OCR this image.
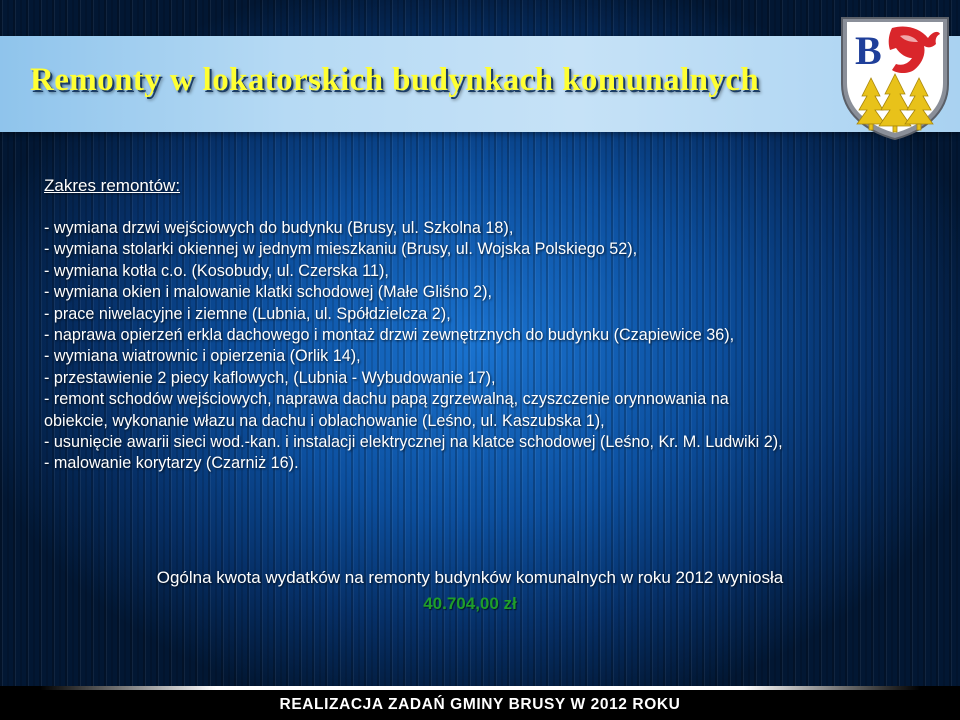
Remonty w lokatorskich budynkach komunalnych
B
Zakres remontów:
- wymiana drzwi wejściowych do budynku (Brusy, ul. Szkolna 18),
- wymiana stolarki okiennej w jednym mieszkaniu (Brusy, ul. Wojska Polskiego 52),
- wymiana kotła c.o. (Kosobudy, ul. Czerska 11),
- wymiana okien i malowanie klatki schodowej (Małe Gliśno 2),
- prace niwelacyjne i ziemne (Lubnia, ul. Spółdzielcza 2),
- naprawa opierzeń erkla dachowego i montaż drzwi zewnętrznych do budynku (Czapiewice 36),
- wymiana wiatrownic i opierzenia (Orlik 14),
- przestawienie 2 piecy kaflowych, (Lubnia - Wybudowanie 17),
- remont schodów wejściowych, naprawa dachu papą zgrzewalną, czyszczenie orynnowania na
obiekcie, wykonanie włazu na dachu i oblachowanie (Leśno, ul. Kaszubska 1),
- usunięcie awarii sieci wod.-kan. i instalacji elektrycznej na klatce schodowej (Leśno, Kr. M. Ludwiki 2),
- malowanie korytarzy (Czarniż 16).
Ogólna kwota wydatków na remonty budynków komunalnych w roku 2012 wyniosła
40.704,00 zł
REALIZACJA ZADAŃ GMINY BRUSY W 2012 ROKU
